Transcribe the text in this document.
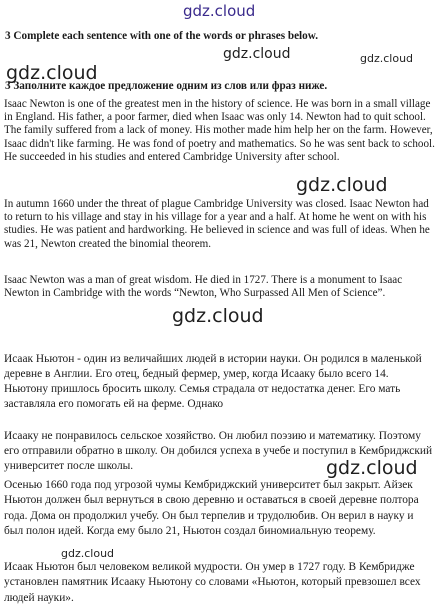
gdz.cloud
gdz.cloud	gdz.cloud
gdz.cloud
3 Complete each sentence with one of the words or phrases below.
3 Заполните каждое предложение одним из слов или фраз ниже.

Isaac Newton is one of the greatest men in the history of science. He was born in a small village in England. His father, a poor farmer, died when Isaac was only 14. Newton had to quit school. The family suffered from a lack of money. His mother made him help her on the farm. However, Isaac didn't like farming. He was fond of poetry and mathematics. So he was sent back to school. He succeeded in his studies and entered Cambridge University after school.

gdz.cloud

In autumn 1660 under the threat of plague Cambridge University was closed. Isaac Newton had to return to his village and stay in his village for a year and a half. At home he went on with his studies. He was patient and hardworking. He believed in science and was full of ideas. When he was 21, Newton created the binomial theorem.

Isaac Newton was a man of great wisdom. He died in 1727. There is a monument to Isaac Newton in Cambridge with the words “Newton, Who Surpassed All Men of Science”.

gdz.cloud

Исаак Ньютон - один из величайших людей в истории науки. Он родился в маленькой деревне в Англии. Его отец, бедный фермер, умер, когда Исааку было всего 14. Ньютону пришлось бросить школу. Семья страдала от недостатка денег. Его мать заставляла его помогать ей на ферме. Однако

Исааку не понравилось сельское хозяйство. Он любил поэзию и математику. Поэтому его отправили обратно в школу. Он добился успеха в учебе и поступил в Кембриджский университет после школы.	gdz.cloud

Осенью 1660 года под угрозой чумы Кембриджский университет был закрыт. Айзек Ньютон должен был вернуться в свою деревню и оставаться в своей деревне полтора года. Дома он продолжил учебу. Он был терпелив и трудолюбив. Он верил в науку и был полон идей. Когда ему было 21, Ньютон создал биномиальную теорему.

gdz.cloud

Исаак Ньютон был человеком великой мудрости. Он умер в 1727 году. В Кембридже установлен памятник Исааку Ньютону со словами «Ньютон, который превзошел всех людей науки».
